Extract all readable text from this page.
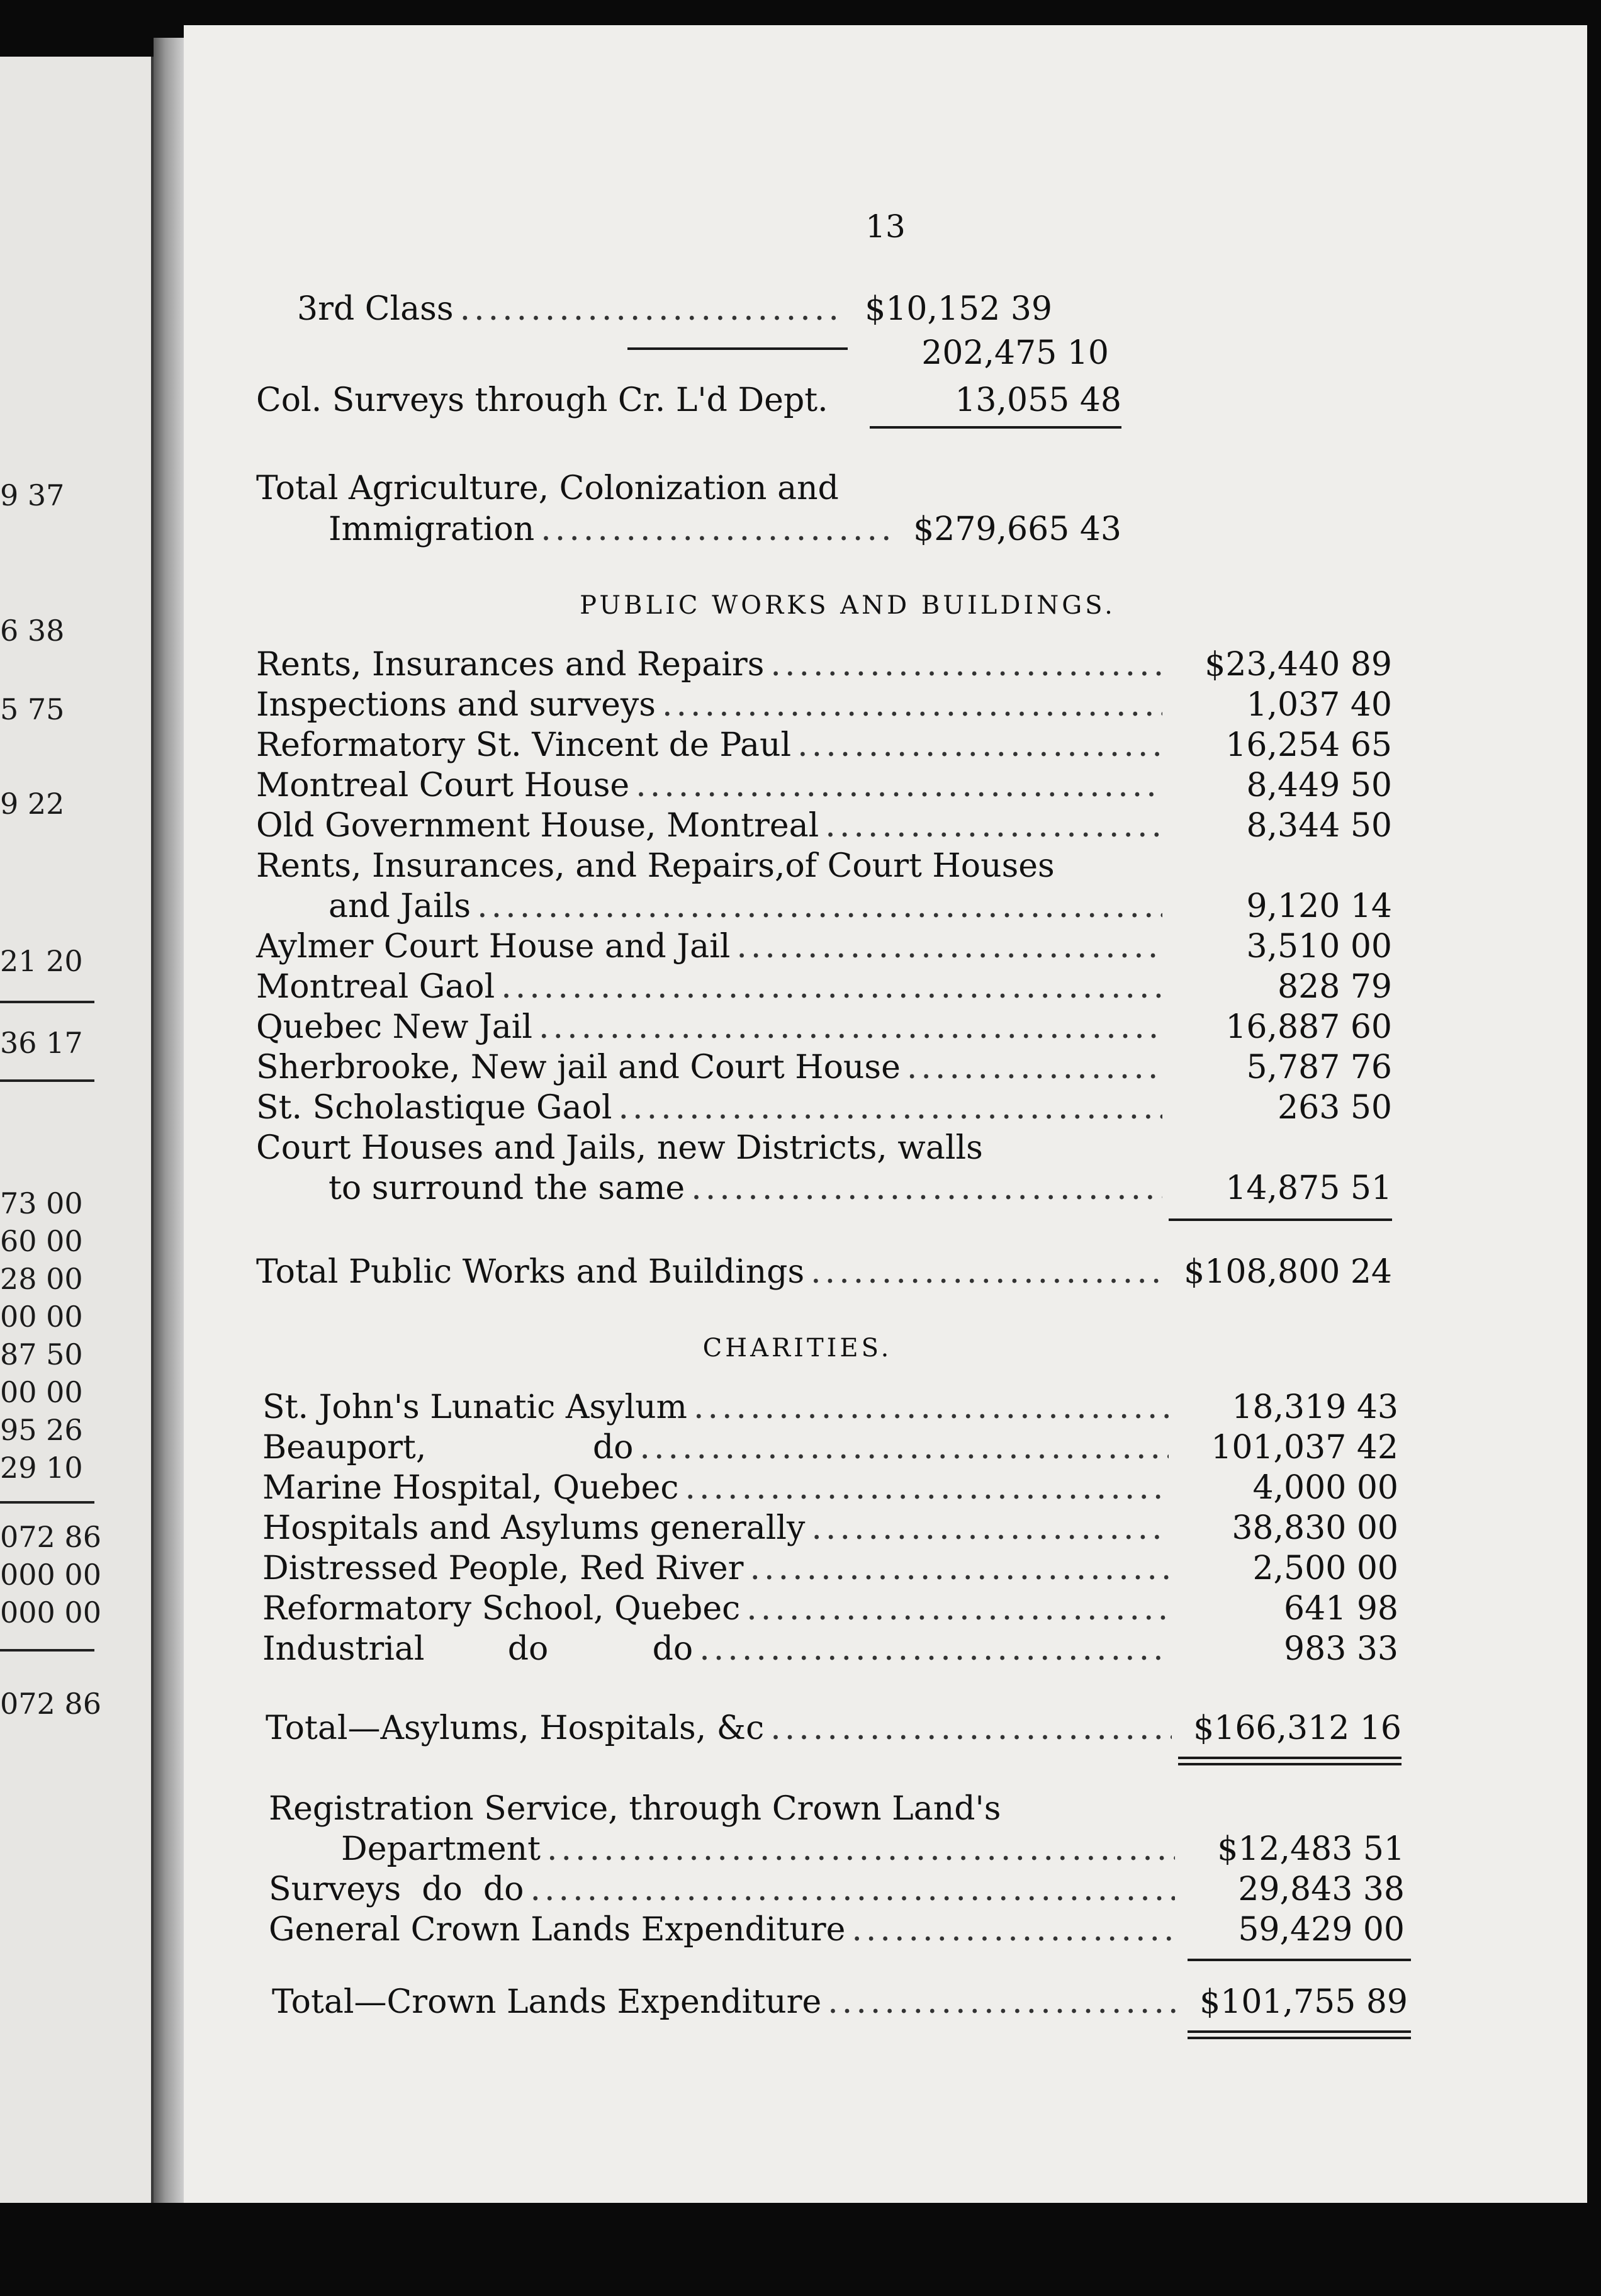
9 37
6 38
5 75
9 22
21 20
36 17
73 00
60 00
28 00
00 00
87 50
00 00
95 26
29 10
072 86
000 00
000 00
072 86
13
3rd Class .....	$10,152 39
202,475 10
Col. Surveys through Cr. L'd Dept.	13,055 48
Total Agriculture, Colonization and
Immigration .....	$279,665 43
PUBLIC WORKS AND BUILDINGS.
Rents, Insurances and Repairs .....	$23,440 89
Inspections and surveys .....	1,037 40
Reformatory St. Vincent de Paul .....	16,254 65
Montreal Court House .....	8,449 50
Old Government House, Montreal .....	8,344 50
Rents, Insurances, and Repairs,of Court Houses
and Jails .....	9,120 14
Aylmer Court House and Jail .....	3,510 00
Montreal Gaol .....	828 79
Quebec New Jail .....	16,887 60
Sherbrooke, New jail and Court House .....	5,787 76
St. Scholastique Gaol .....	263 50
Court Houses and Jails, new Districts, walls
to surround the same .....	14,875 51
Total Public Works and Buildings .....	$108,800 24
CHARITIES.
St. John's Lunatic Asylum .....	18,319 43
Beauport,                do .....	101,037 42
Marine Hospital, Quebec .....	4,000 00
Hospitals and Asylums generally .....	38,830 00
Distressed People, Red River .....	2,500 00
Reformatory School, Quebec .....	641 98
Industrial        do          do .....	983 33
Total—Asylums, Hospitals, &c .....	$166,312 16
Registration Service, through Crown Land's
Department .....	$12,483 51
Surveys  do  do .....	29,843 38
General Crown Lands Expenditure .....	59,429 00
Total—Crown Lands Expenditure .....	$101,755 89
